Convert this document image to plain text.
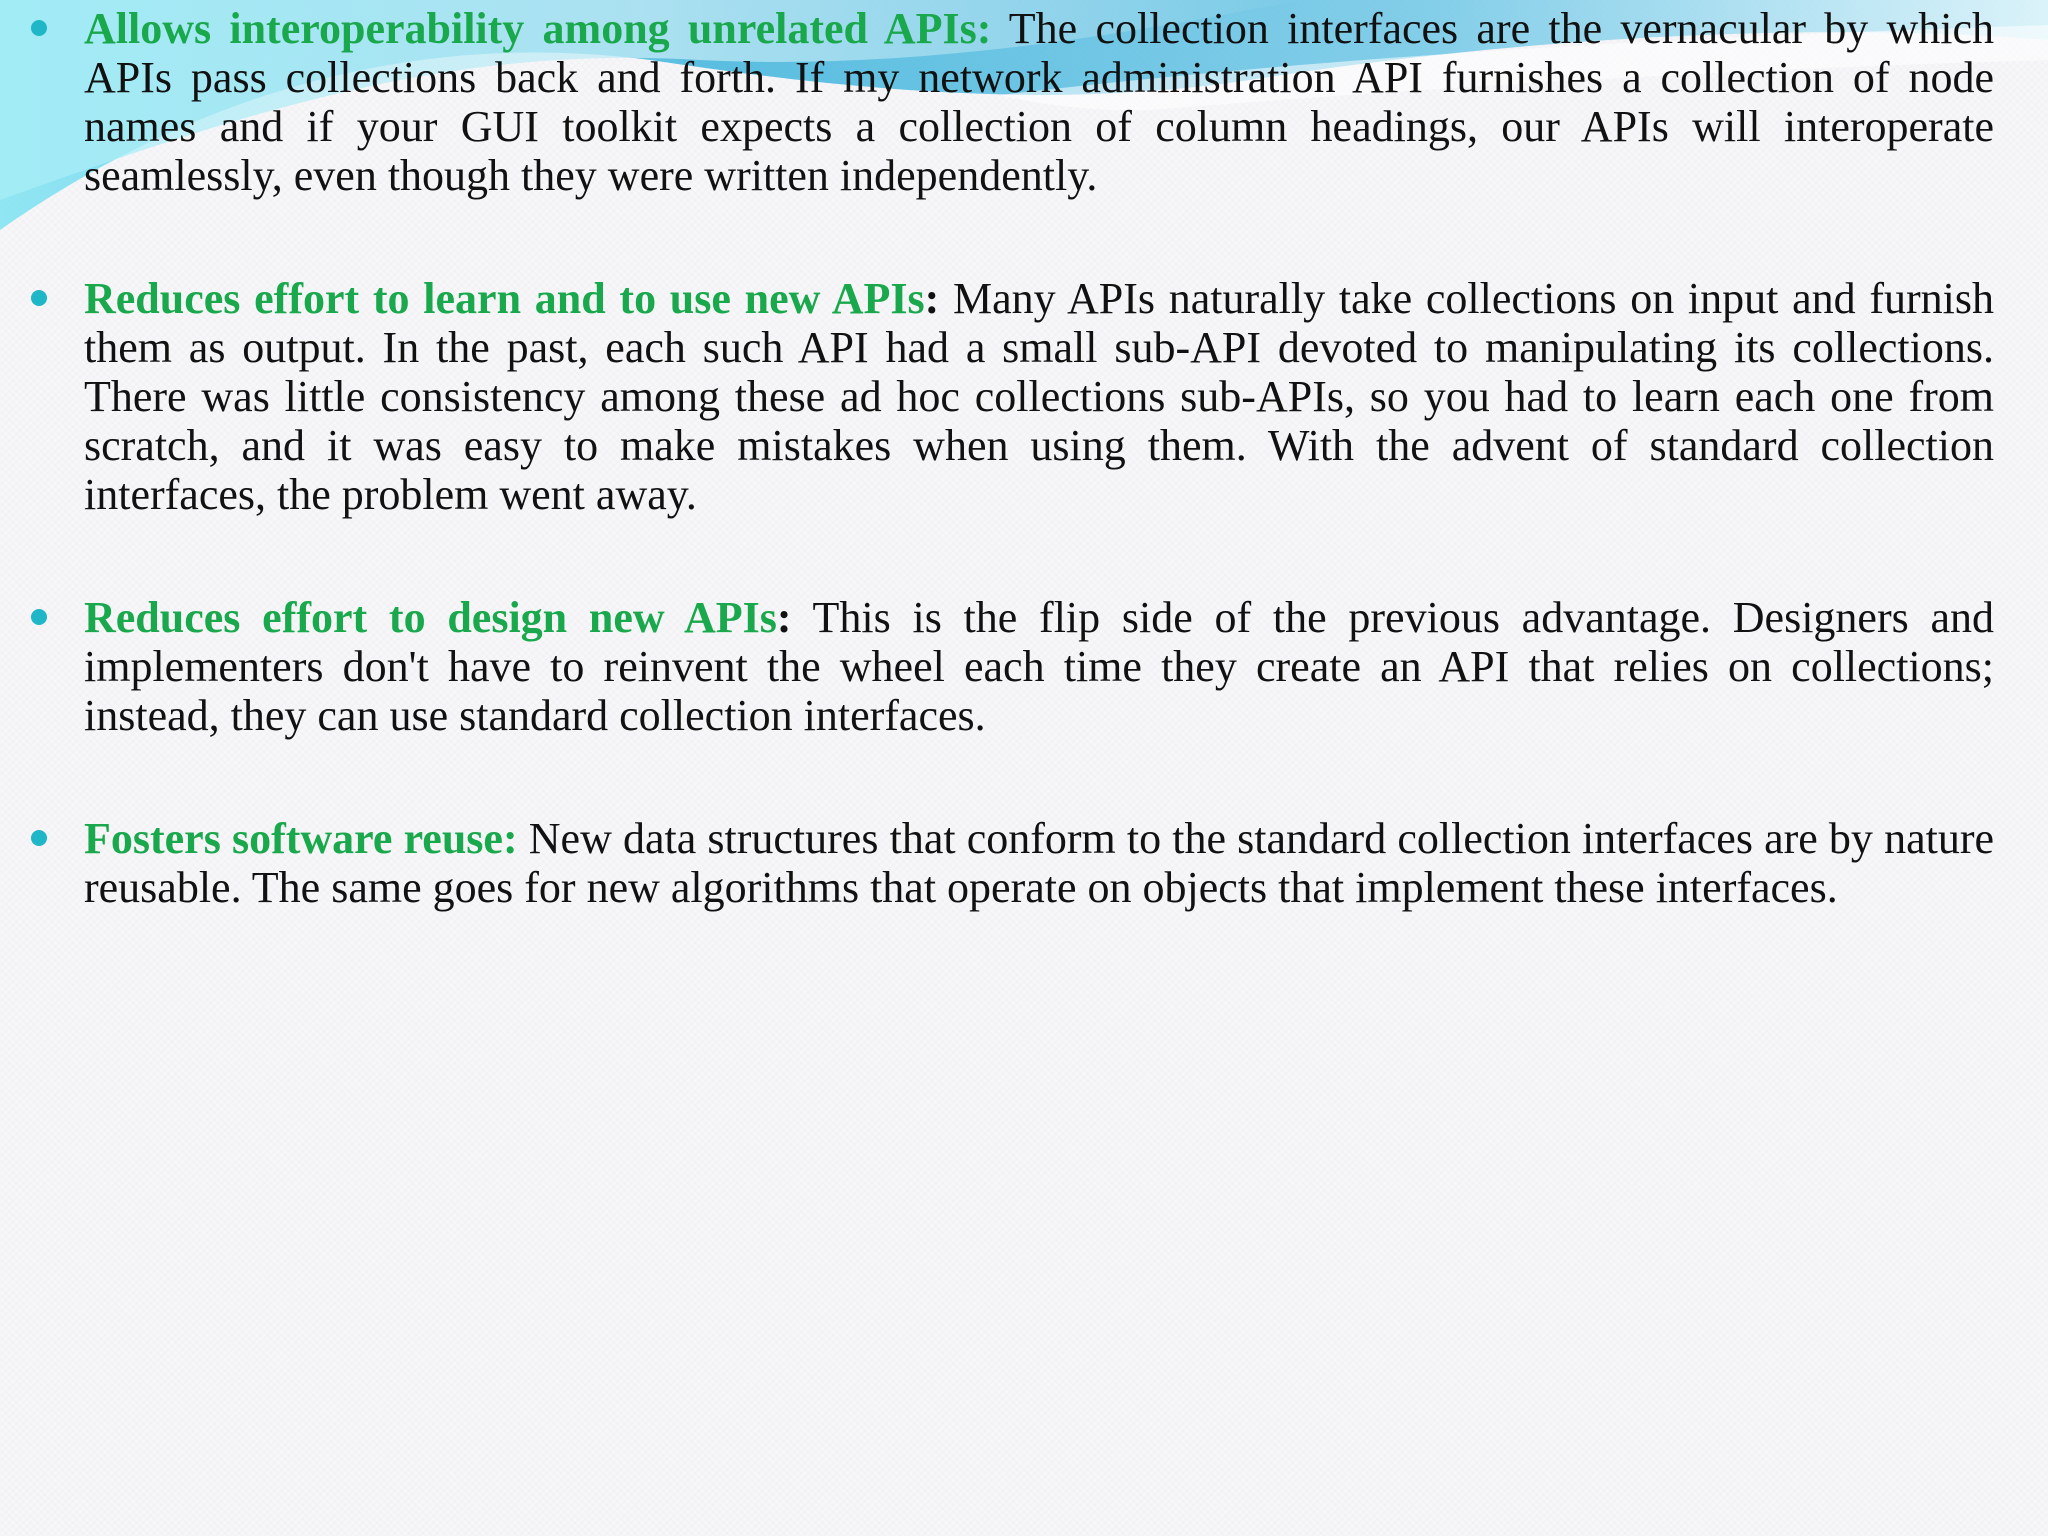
Allows interoperability among unrelated APIs: The collection interfaces are the vernacular by which APIs pass collections back and forth. If my network administration API furnishes a collection of node names and if your GUI toolkit expects a collection of column headings, our APIs will interoperate seamlessly, even though they were written independently.
Reduces effort to learn and to use new APIs: Many APIs naturally take collections on input and furnish them as output. In the past, each such API had a small sub-API devoted to manipulating its collections. There was little consistency among these ad hoc collections sub-APIs, so you had to learn each one from scratch, and it was easy to make mistakes when using them. With the advent of standard collection interfaces, the problem went away.
Reduces effort to design new APIs: This is the flip side of the previous advantage. Designers and implementers don't have to reinvent the wheel each time they create an API that relies on collections; instead, they can use standard collection interfaces.
Fosters software reuse: New data structures that conform to the standard collection interfaces are by nature reusable. The same goes for new algorithms that operate on objects that implement these interfaces.
